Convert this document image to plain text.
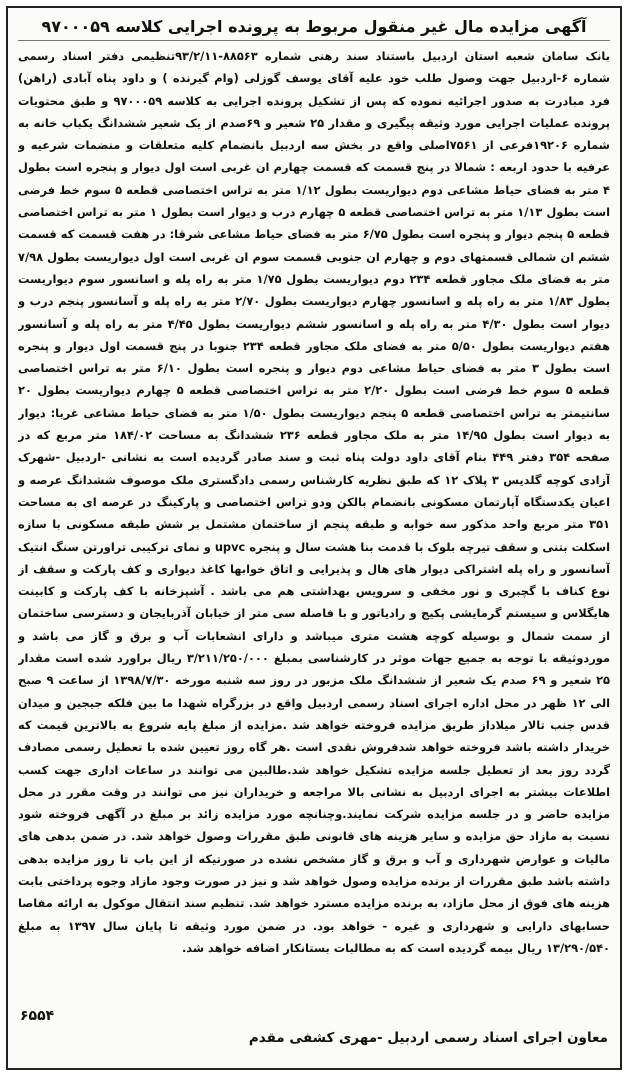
آگهی مزایده مال غیر منقول مربوط به پرونده اجرایی کلاسه ۹۷۰۰۰۵۹

بانک سامان شعبه استان اردبیل باستناد سند رهنی شماره ۸۸۵۶۳-۹۳/۲/۱۱تنظیمی دفتر اسناد رسمی شماره ۶-اردبیل جهت وصول طلب خود علیه آقای یوسف گوزلی (وام گیرنده ) و داود پناه آبادی (راهن) فرد مبادرت به صدور اجرائیه نموده که پس از تشکیل پرونده اجرایی به کلاسه ۹۷۰۰۰۵۹ و طبق محتویات پرونده عملیات اجرایی مورد وثیقه پیگیری و مقدار ۲۵ شعیر و ۶۹صدم از یک شعیر ششدانگ یکباب خانه به شماره ۱۹۲۰۶فرعی از ۷۵۶۱اصلی واقع در بخش سه اردبیل بانضمام کلیه متعلقات و منضمات شرعیه و عرفیه با حدود اربعه : شمالا در پنج قسمت که قسمت چهارم ان غربی است اول دیوار و پنجره است بطول ۴ متر به فضای حیاط مشاعی دوم دیواریست بطول ۱/۱۲ متر به تراس اختصاصی قطعه ۵ سوم خط فرضی است بطول ۱/۱۳ متر به تراس اختصاصی قطعه ۵ چهارم درب و دیوار است بطول ۱ متر به تراس اختصاصی قطعه ۵ پنجم دیوار و پنجره است بطول ۶/۷۵ متر به فضای حیاط مشاعی شرقا: در هفت قسمت که قسمت ششم ان شمالی قسمتهای دوم و چهارم ان جنوبی قسمت سوم ان غربی است اول دیواریست بطول ۷/۹۸ متر به فضای ملک مجاور قطعه ۲۳۴ دوم دیواریست بطول ۱/۷۵ متر به راه پله و اسانسور سوم دیواریست بطول ۱/۸۳ متر به راه پله و اسانسور چهارم دیواریست بطول ۲/۷۰ متر به راه پله و آسانسور پنجم درب و دیوار است بطول ۴/۳۰ متر به راه پله و اسانسور ششم دیواریست بطول ۴/۴۵ متر به راه پله و آسانسور هفتم دیواریست بطول ۵/۵۰ متر به فضای ملک مجاور قطعه ۲۳۴ جنوبا در پنج قسمت اول دیوار و پنجره است بطول ۳ متر به فضای حیاط مشاعی دوم دیوار و پنجره است بطول ۶/۱۰ متر به تراس اختصاصی قطعه ۵ سوم خط فرضی است بطول ۲/۲۰ متر به تراس اختصاصی قطعه ۵ چهارم دیواریست بطول ۲۰ سانتیمتر به تراس اختصاصی قطعه ۵ پنجم دیواریست بطول ۱/۵۰ متر به فضای حیاط مشاعی غربا: دیوار به دیوار است بطول ۱۴/۹۵ متر به ملک مجاور قطعه ۲۳۶ ششدانگ به مساحت ۱۸۴/۰۲ متر مربع که در صفحه ۳۵۴ دفتر ۴۴۹ بنام آقای داود دولت پناه ثبت و سند صادر گردیده است به نشانی -اردبیل -شهرک آزادی کوچه گلدیس ۳ پلاک ۱۲ که طبق نظریه کارشناس رسمی دادگستری ملک موصوف ششدانگ عرصه و اعیان یکدستگاه آپارتمان مسکونی بانضمام بالکن ودو تراس اختصاصی و پارکینگ در عرصه ای به مساحت ۳۵۱ متر مربع واحد مذکور سه خوابه و طبقه پنجم از ساختمان مشتمل بر شش طبقه مسکونی با سازه اسکلت بتنی و سقف تیرچه بلوک با قدمت بنا هشت سال و پنجره upvc و نمای ترکیبی تراورتن سنگ انتیک آسانسور و راه پله اشتراکی دیوار های هال و پذیرایی و اتاق خوابها کاغذ دیواری و کف پارکت و سقف از نوع کناف با گچبری و نور مخفی و سرویس بهداشتی هم می باشد . آشپزخانه با کف پارکت و کابینت هایگلاس و سیستم گرمایشی پکیج و رادیاتور و با فاصله سی متر از خیابان آذربایجان و دسترسی ساختمان از سمت شمال و بوسیله کوچه هشت متری میباشد و دارای انشعابات آب و برق و گاز می باشد و موردوثیقه با توجه به جمیع جهات موثر در کارشناسی بمبلغ ۳/۲۱۱/۲۵۰/۰۰۰ ریال براورد شده است مقدار ۲۵ شعیر و ۶۹ صدم یک شعیر از ششدانگ ملک مزبور در روز سه شنبه مورخه ۱۳۹۸/۷/۳۰ از ساعت ۹ صبح الی ۱۲ ظهر در محل اداره اجرای اسناد رسمی اردبیل واقع در بزرگراه شهدا ما بین فلکه جیجین و میدان قدس جنب تالار میلاداز طریق مزایده فروخته خواهد شد .مزایده از مبلغ پایه شروع به بالاترین قیمت که خریدار داشته باشد فروخته خواهد شدفروش نقدی است .هر گاه روز تعیین شده با تعطیل رسمی مصادف گردد روز بعد از تعطیل جلسه مزایده تشکیل خواهد شد.طالبین می توانند در ساعات اداری جهت کسب اطلاعات بیشتر به اجرای اردبیل به نشانی بالا مراجعه و خریداران نیز می توانند در وقت مقرر در محل مزایده حاضر و در جلسه مزایده شرکت نمایند.وچنانچه مورد مزایده زائد بر مبلغ در آگهی فروخته شود نسبت به مازاد حق مزایده و سایر هزینه های قانونی طبق مقررات وصول خواهد شد. در ضمن بدهی های مالیات و عوارض شهرداری و آب و برق و گاز مشخص نشده در صورتیکه از این باب تا روز مزایده بدهی داشته باشد طبق مقررات از برنده مزایده وصول خواهد شد و نیز در صورت وجود مازاد وجوه پرداختی بابت هزینه های فوق از محل مازاد، به برنده مزایده مسترد خواهد شد. تنظیم سند انتقال موکول به ارائه مفاصا حسابهای دارایی و شهرداری و غیره - خواهد بود. در ضمن مورد وثیقه تا پایان سال ۱۳۹۷ به مبلغ ۱۳/۲۹۰/۵۴۰ ریال بیمه گردیده است که به مطالبات بستانکار اضافه خواهد شد.

۶۵۵۴
معاون اجرای اسناد رسمی اردبیل -مهری کشفی مقدم
